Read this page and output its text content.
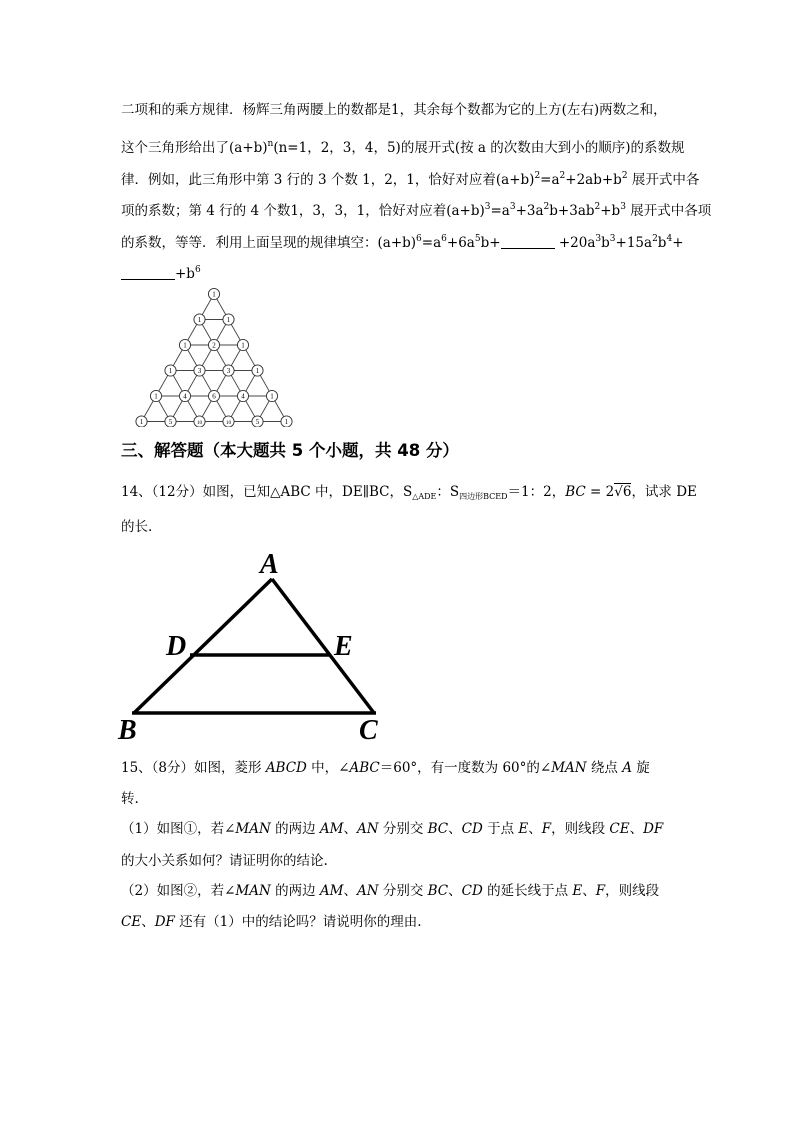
二项和的乘方规律．杨辉三角两腰上的数都是1，其余每个数都为它的上方(左右)两数之和，
这个三角形给出了$(a+b)^n(n=1$，2，3，4，5)的展开式(按 a 的次数由大到小的顺序)的系数规
律．例如，此三角形中第 3 行的 3 个数 1，2，1，恰好对应着$(a+b)^2=a^2+2ab+b^2$ 展开式中各
项的系数；第 4 行的 4 个数1，3，3，1，恰好对应着$(a+b)^3=a^3+3a^2b+3ab^2+b^3$ 展开式中各项
的系数，等等．利用上面呈现的规律填空：$(a+b)^6=a^6+6a^5b+$	$+20a^3b^3+15a^2b^4+$
$+b^6$
1
1	1
1	2	1
1	3	3	1
1	4	6	4	1
1	5	10	10	5	1
三、解答题（本大题共 5 个小题，共 48 分）
14、（12分）如图，已知△ABC 中，DE∥BC，$S_{\triangle ADE}$：$S_{四边形BCED}=1$：2，BC = 2√6，试求 DE
的长.
A
D	E
B	C
15、（8分）如图，菱形 ABCD 中，∠ABC＝60°，有一度数为 60°的∠MAN 绕点 A 旋
转.
（1）如图①，若∠MAN 的两边 AM、AN 分别交 BC、CD 于点 E、F，则线段 CE、DF
的大小关系如何？请证明你的结论.
（2）如图②，若∠MAN 的两边 AM、AN 分别交 BC、CD 的延长线于点 E、F，则线段
CE、DF 还有（1）中的结论吗？请说明你的理由.
